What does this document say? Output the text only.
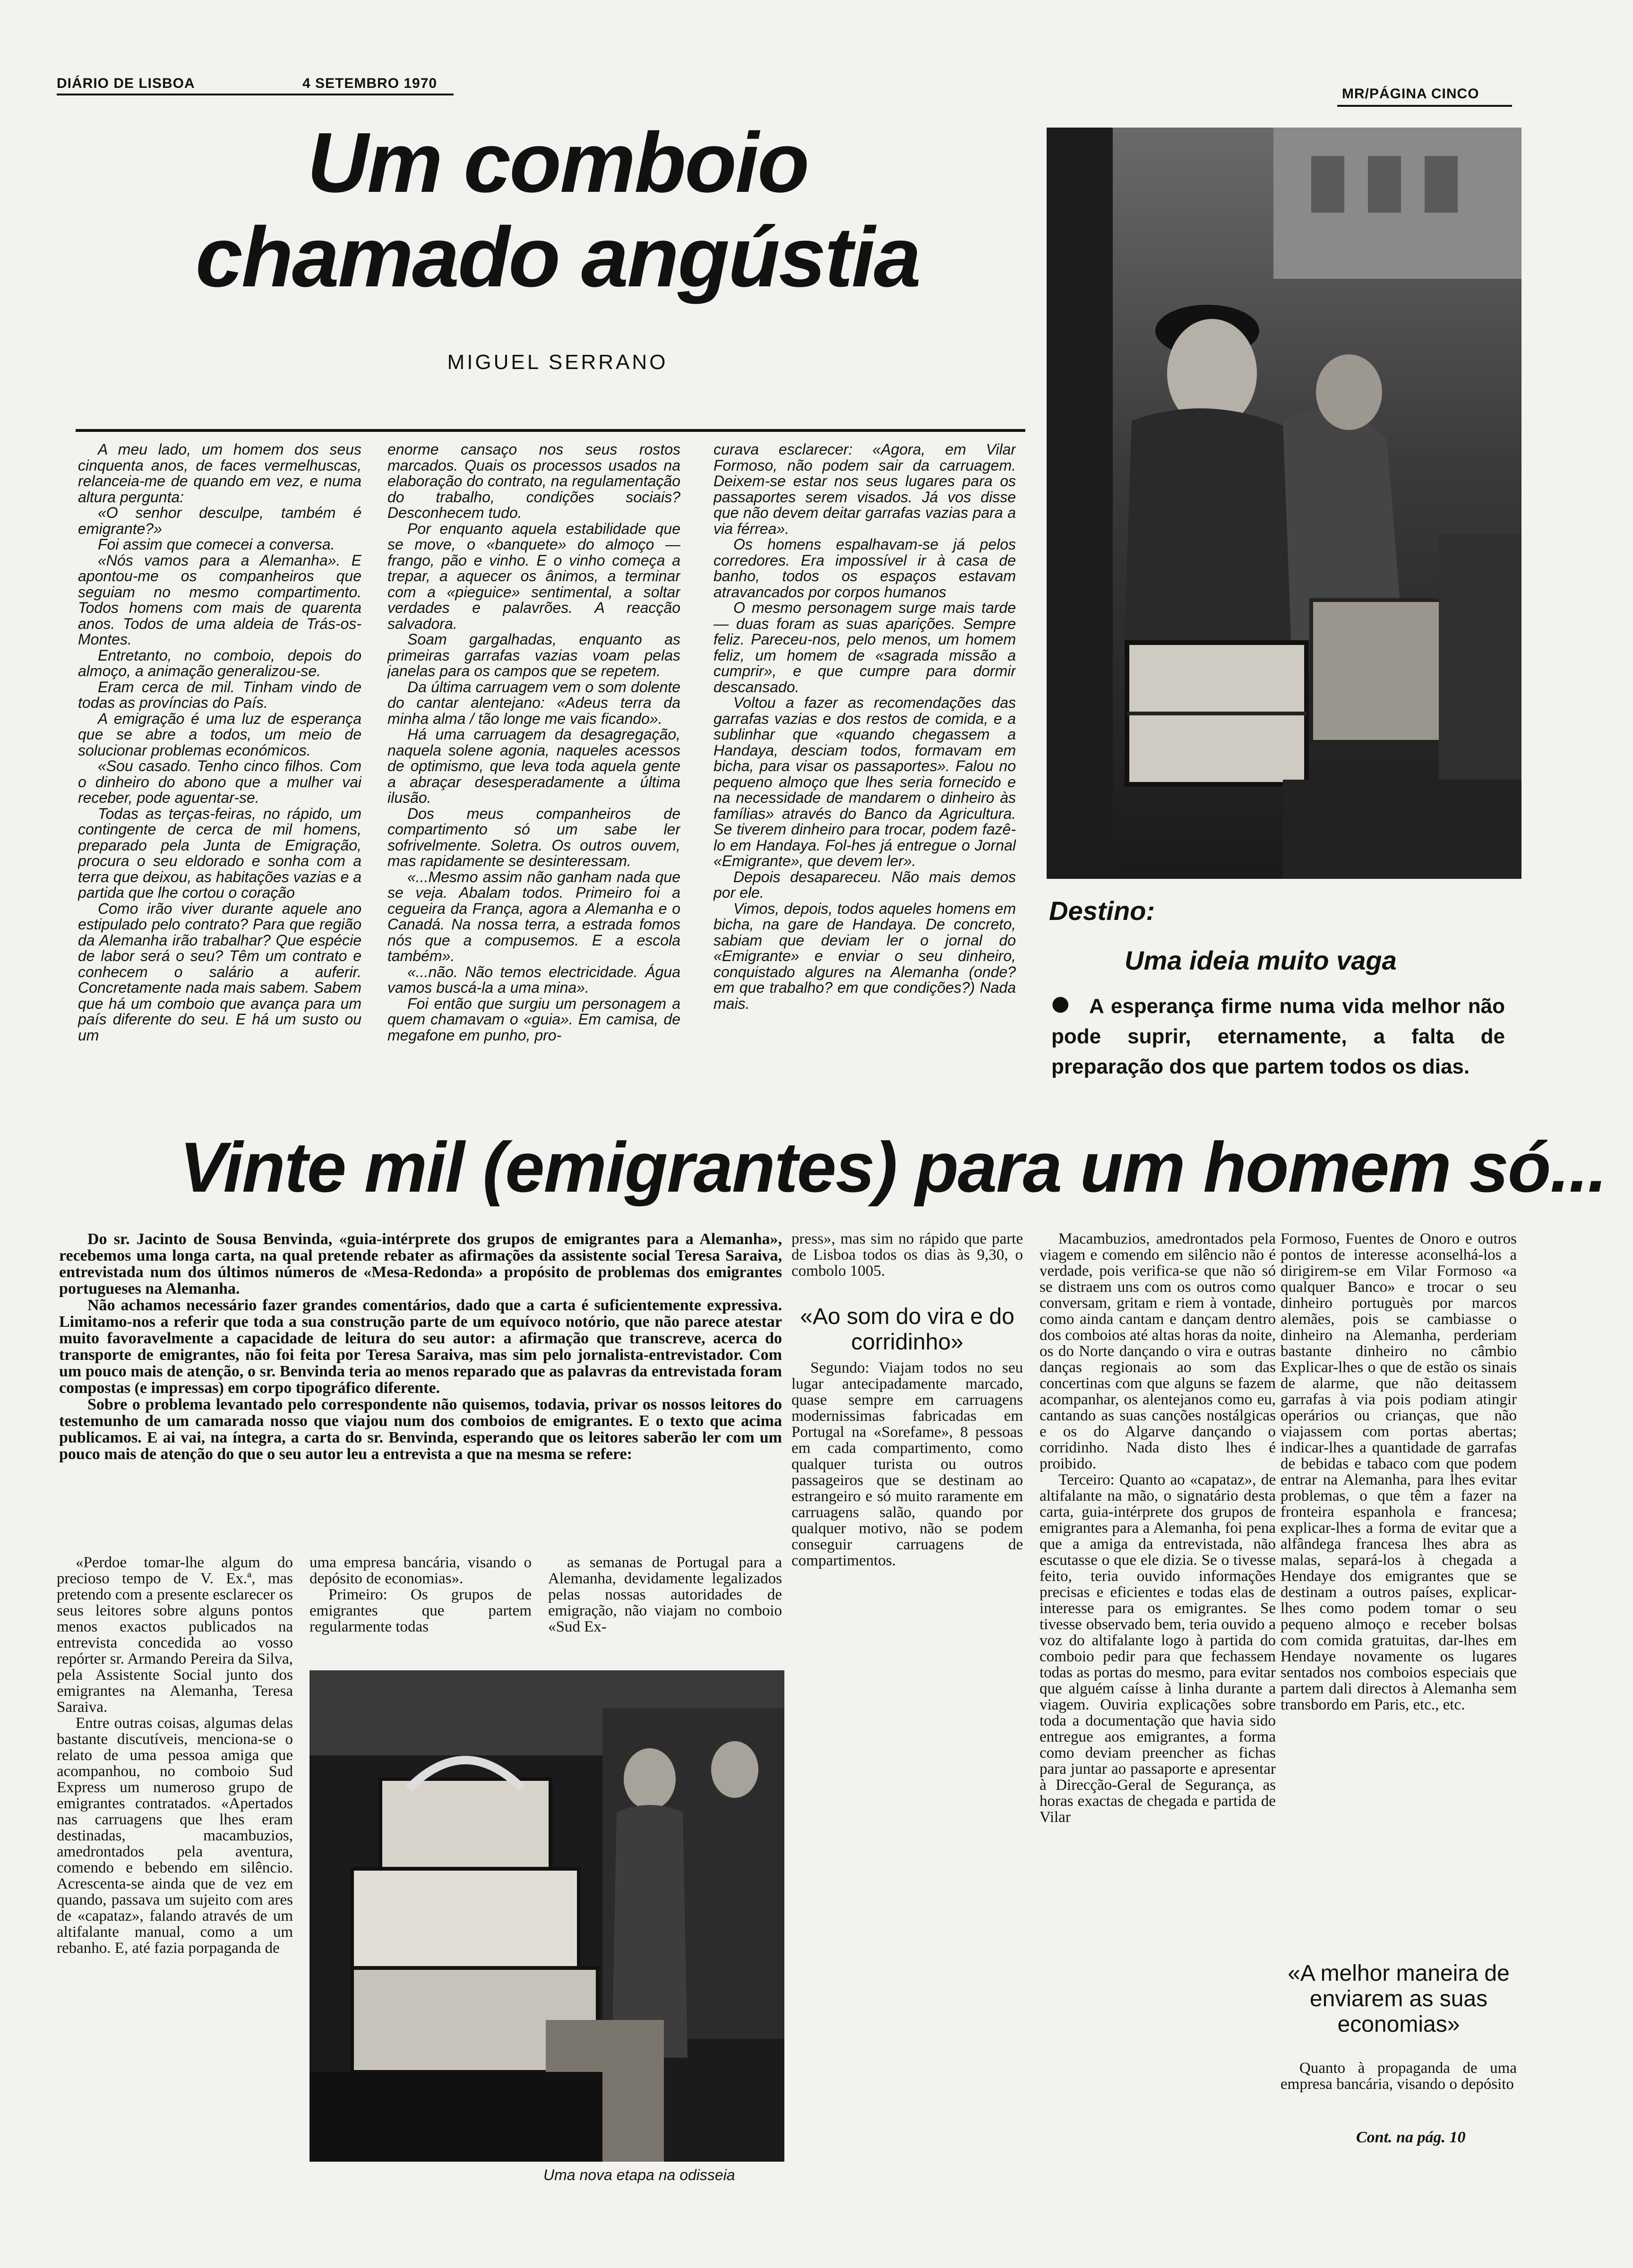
DIÁRIO DE LISBOA	4 SETEMBRO 1970
MR/PÁGINA CINCO
Um comboio
chamado angústia
MIGUEL SERRANO

A meu lado, um homem dos seus cinquenta anos, de faces vermelhuscas, relanceia-me de quando em vez, e numa altura pergunta:

«O senhor desculpe, também é emigrante?»

Foi assim que comecei a conversa.

«Nós vamos para a Alemanha». E apontou-me os companheiros que seguiam no mesmo compartimento. Todos homens com mais de quarenta anos. Todos de uma aldeia de Trás-os-Montes.

Entretanto, no comboio, depois do almoço, a animação generalizou-se.

Eram cerca de mil. Tinham vindo de todas as províncias do País.

A emigração é uma luz de esperança que se abre a todos, um meio de solucionar problemas económicos.

«Sou casado. Tenho cinco filhos. Com o dinheiro do abono que a mulher vai receber, pode aguentar-se.

Todas as terças-feiras, no rápido, um contingente de cerca de mil homens, preparado pela Junta de Emigração, procura o seu eldorado e sonha com a terra que deixou, as habitações vazias e a partida que lhe cortou o coração

Como irão viver durante aquele ano estipulado pelo contrato? Para que região da Alemanha irão trabalhar? Que espécie de labor será o seu? Têm um contrato e conhecem o salário a auferir. Concretamente nada mais sabem. Sabem que há um comboio que avança para um país diferente do seu. E há um susto ou um

enorme cansaço nos seus rostos marcados. Quais os processos usados na elaboração do contrato, na regulamentação do trabalho, condições sociais? Desconhecem tudo.

Por enquanto aquela estabilidade que se move, o «banquete» do almoço — frango, pão e vinho. E o vinho começa a trepar, a aquecer os ânimos, a terminar com a «pieguice» sentimental, a soltar verdades e palavrões. A reacção salvadora.

Soam gargalhadas, enquanto as primeiras garrafas vazias voam pelas janelas para os campos que se repetem.

Da última carruagem vem o som dolente do cantar alentejano: «Adeus terra da minha alma / tão longe me vais ficando».

Há uma carruagem da desagregação, naquela solene agonia, naqueles acessos de optimismo, que leva toda aquela gente a abraçar desesperadamente a última ilusão.

Dos meus companheiros de compartimento só um sabe ler sofrivelmente. Soletra. Os outros ouvem, mas rapidamente se desinteressam.

«...Mesmo assim não ganham nada que se veja. Abalam todos. Primeiro foi a cegueira da França, agora a Alemanha e o Canadá. Na nossa terra, a estrada fomos nós que a compusemos. E a escola também».

«...não. Não temos electricidade. Água vamos buscá-la a uma mina».

Foi então que surgiu um personagem a quem chamavam o «guia». Em camisa, de megafone em punho, pro-

curava esclarecer: «Agora, em Vilar Formoso, não podem sair da carruagem. Deixem-se estar nos seus lugares para os passaportes serem visados. Já vos disse que não devem deitar garrafas vazias para a via férrea».

Os homens espalhavam-se já pelos corredores. Era impossível ir à casa de banho, todos os espaços estavam atravancados por corpos humanos

O mesmo personagem surge mais tarde — duas foram as suas aparições. Sempre feliz. Pareceu-nos, pelo menos, um homem feliz, um homem de «sagrada missão a cumprir», e que cumpre para dormir descansado.

Voltou a fazer as recomendações das garrafas vazias e dos restos de comida, e a sublinhar que «quando chegassem a Handaya, desciam todos, formavam em bicha, para visar os passaportes». Falou no pequeno almoço que lhes seria fornecido e na necessidade de mandarem o dinheiro às famílias» através do Banco da Agricultura. Se tiverem dinheiro para trocar, podem fazê-lo em Handaya. Fol-hes já entregue o Jornal «Emigrante», que devem ler».

Depois desapareceu. Não mais demos por ele.

Vimos, depois, todos aqueles homens em bicha, na gare de Handaya. De concreto, sabiam que deviam ler o jornal do «Emigrante» e enviar o seu dinheiro, conquistado algures na Alemanha (onde? em que trabalho? em que condições?) Nada mais.

Destino:
Uma ideia muito vaga
● A esperança firme numa vida melhor não pode suprir, eternamente, a falta de preparação dos que partem todos os dias.
Vinte mil (emigrantes) para um homem só...

Do sr. Jacinto de Sousa Benvinda, «guia-intérprete dos grupos de emigrantes para a Alemanha», recebemos uma longa carta, na qual pretende rebater as afirmações da assistente social Teresa Saraiva, entrevistada num dos últimos números de «Mesa-Redonda» a propósito de problemas dos emigrantes portugueses na Alemanha.

Não achamos necessário fazer grandes comentários, dado que a carta é suficientemente expressiva. Limitamo-nos a referir que toda a sua construção parte de um equívoco notório, que não parece atestar muito favoravelmente a capacidade de leitura do seu autor: a afirmação que transcreve, acerca do transporte de emigrantes, não foi feita por Teresa Saraiva, mas sim pelo jornalista-entrevistador. Com um pouco mais de atenção, o sr. Benvinda teria ao menos reparado que as palavras da entrevistada foram compostas (e impressas) em corpo tipográfico diferente.

Sobre o problema levantado pelo correspondente não quisemos, todavia, privar os nossos leitores do testemunho de um camarada nosso que viajou num dos comboios de emigrantes. E o texto que acima publicamos. E ai vai, na íntegra, a carta do sr. Benvinda, esperando que os leitores saberão ler com um pouco mais de atenção do que o seu autor leu a entrevista a que na mesma se refere:

«Perdoe tomar-lhe algum do precioso tempo de V. Ex.ª, mas pretendo com a presente esclarecer os seus leitores sobre alguns pontos menos exactos publicados na entrevista concedida ao vosso repórter sr. Armando Pereira da Silva, pela Assistente Social junto dos emigrantes na Alemanha, Teresa Saraiva.

Entre outras coisas, algumas delas bastante discutíveis, menciona-se o relato de uma pessoa amiga que acompanhou, no comboio Sud Express um numeroso grupo de emigrantes contratados. «Apertados nas carruagens que lhes eram destinadas, macambuzios, amedrontados pela aventura, comendo e bebendo em silêncio. Acrescenta-se ainda que de vez em quando, passava um sujeito com ares de «capataz», falando através de um altifalante manual, como a um rebanho. E, até fazia porpaganda de

uma empresa bancária, visando o depósito de economias».

Primeiro: Os grupos de emigrantes que partem regularmente todas

as semanas de Portugal para a Alemanha, devidamente legalizados pelas nossas autoridades de emigração, não viajam no comboio «Sud Ex-

Uma nova etapa na odisseia
press», mas sim no rápido que parte de Lisboa todos os dias às 9,30, o combolo 1005.
«Ao som do vira e do corridinho»

Segundo: Viajam todos no seu lugar antecipadamente marcado, quase sempre em carruagens modernissimas fabricadas em Portugal na «Sorefame», 8 pessoas em cada compartimento, como qualquer turista ou outros passageiros que se destinam ao estrangeiro e só muito raramente em carruagens salão, quando por qualquer motivo, não se podem conseguir carruagens de compartimentos.

Macambuzios, amedrontados pela viagem e comendo em silêncio não é verdade, pois verifica-se que não só se distraem uns com os outros como conversam, gritam e riem à vontade, como ainda cantam e dançam dentro dos comboios até altas horas da noite, os do Norte dançando o vira e outras danças regionais ao som das concertinas com que alguns se fazem acompanhar, os alentejanos como eu, cantando as suas canções nostálgicas e os do Algarve dançando o corridinho. Nada disto lhes é proibido.

Terceiro: Quanto ao «capataz», de altifalante na mão, o signatário desta carta, guia-intérprete dos grupos de emigrantes para a Alemanha, foi pena que a amiga da entrevistada, não escutasse o que ele dizia. Se o tivesse feito, teria ouvido informações precisas e eficientes e todas elas de interesse para os emigrantes. Se tivesse observado bem, teria ouvido a voz do altifalante logo à partida do comboio pedir para que fechassem todas as portas do mesmo, para evitar que alguém caísse à linha durante a viagem. Ouviria explicações sobre toda a documentação que havia sido entregue aos emigrantes, a forma como deviam preencher as fichas para juntar ao passaporte e apresentar à Direcção-Geral de Segurança, as horas exactas de chegada e partida de Vilar

Formoso, Fuentes de Onoro e outros pontos de interesse aconselhá-los a dirigirem-se em Vilar Formoso «a qualquer Banco» e trocar o seu dinheiro portuguès por marcos alemães, pois se cambiasse o dinheiro na Alemanha, perderiam bastante dinheiro no câmbio Explicar-lhes o que de estão os sinais de alarme, que não deitassem garrafas à via pois podiam atingir operários ou crianças, que não viajassem com portas abertas; indicar-lhes a quantidade de garrafas de bebidas e tabaco com que podem entrar na Alemanha, para lhes evitar problemas, o que têm a fazer na fronteira espanhola e francesa; explicar-lhes a forma de evitar que a alfândega francesa lhes abra as malas, separá-los à chegada a Hendaye dos emigrantes que se destinam a outros países, explicar-lhes como podem tomar o seu pequeno almoço e receber bolsas com comida gratuitas, dar-lhes em Hendaye novamente os lugares sentados nos comboios especiais que partem dali directos à Alemanha sem transbordo em Paris, etc., etc.

«A melhor maneira de enviarem as suas economias»
Quanto à propaganda de uma empresa bancária, visando o depósito
Cont. na pág. 10
